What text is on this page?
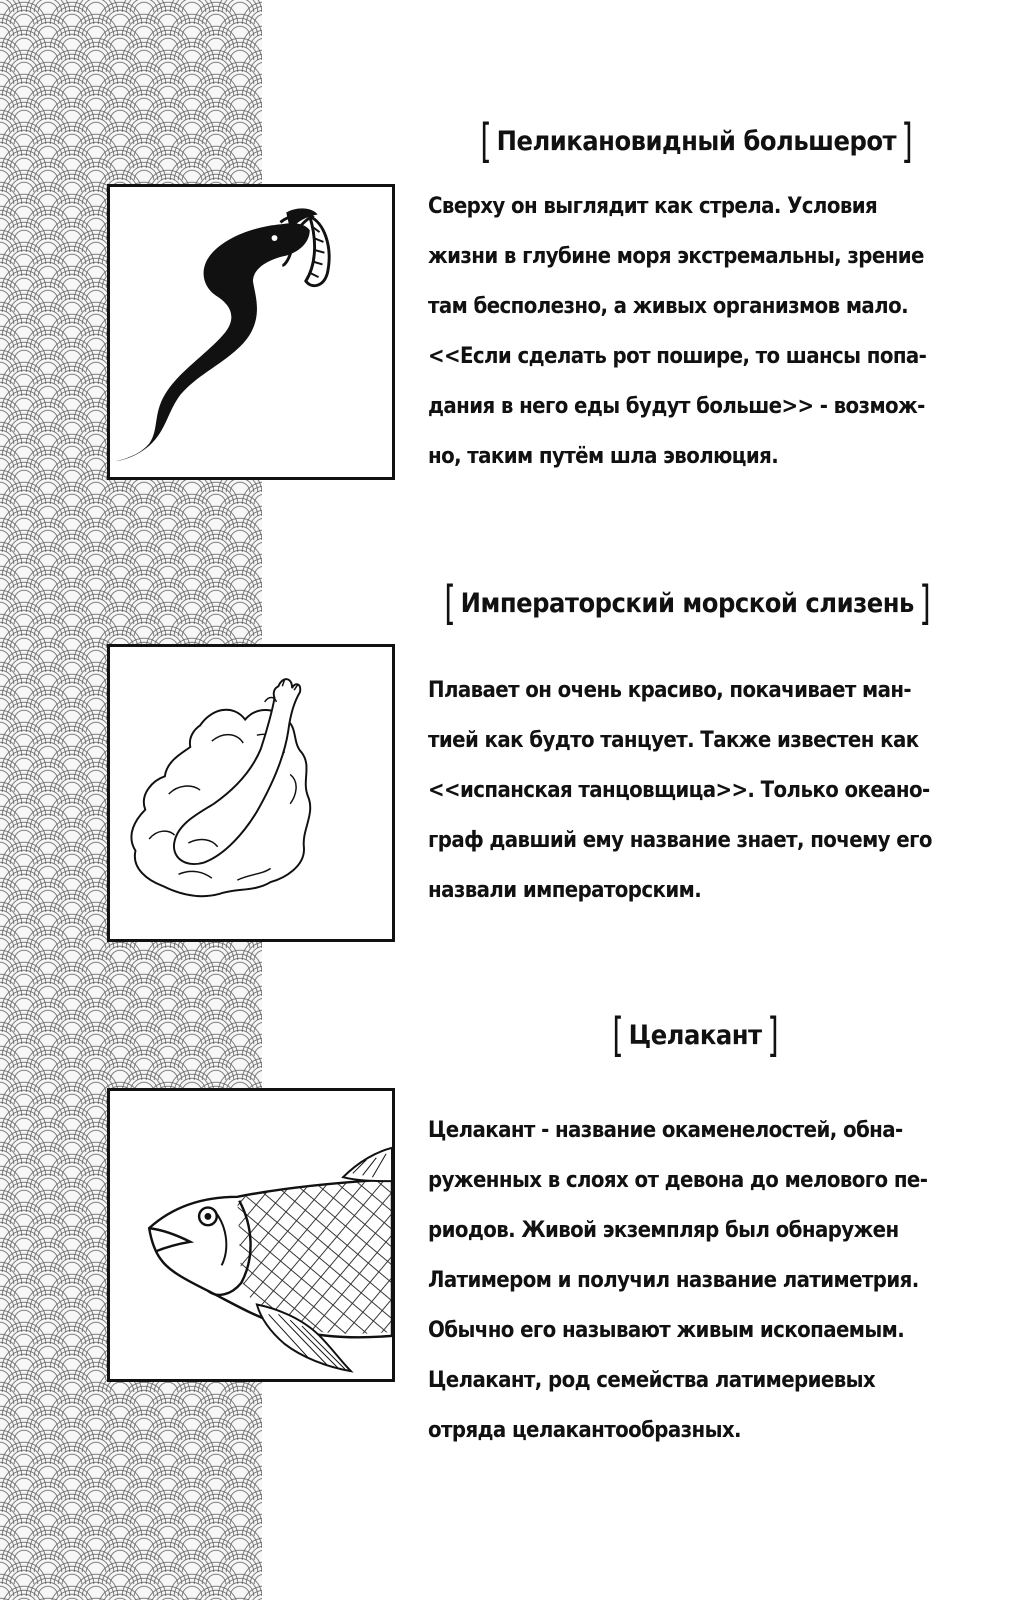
[ Пеликановидный большерот ]
Сверху он выглядит как стрела. Условия
жизни в глубине моря экстремальны, зрение
там бесполезно, а живых организмов мало.
<<Если сделать рот пошире, то шансы попа-
дания в него еды будут больше>> - возмож-
но, таким путём шла эволюция.
[ Императорский морской слизень ]
Плавает он очень красиво, покачивает ман-
тией как будто танцует. Также известен как
<<испанская танцовщица>>. Только океано-
граф давший ему название знает, почему его
назвали императорским.
[ Целакант ]
Целакант - название окаменелостей, обна-
руженных в слоях от девона до мелового пе-
риодов. Живой экземпляр был обнаружен
Латимером и получил название латиметрия.
Обычно его называют живым ископаемым.
Целакант, род семейства латимериевых
отряда целакантообразных.
